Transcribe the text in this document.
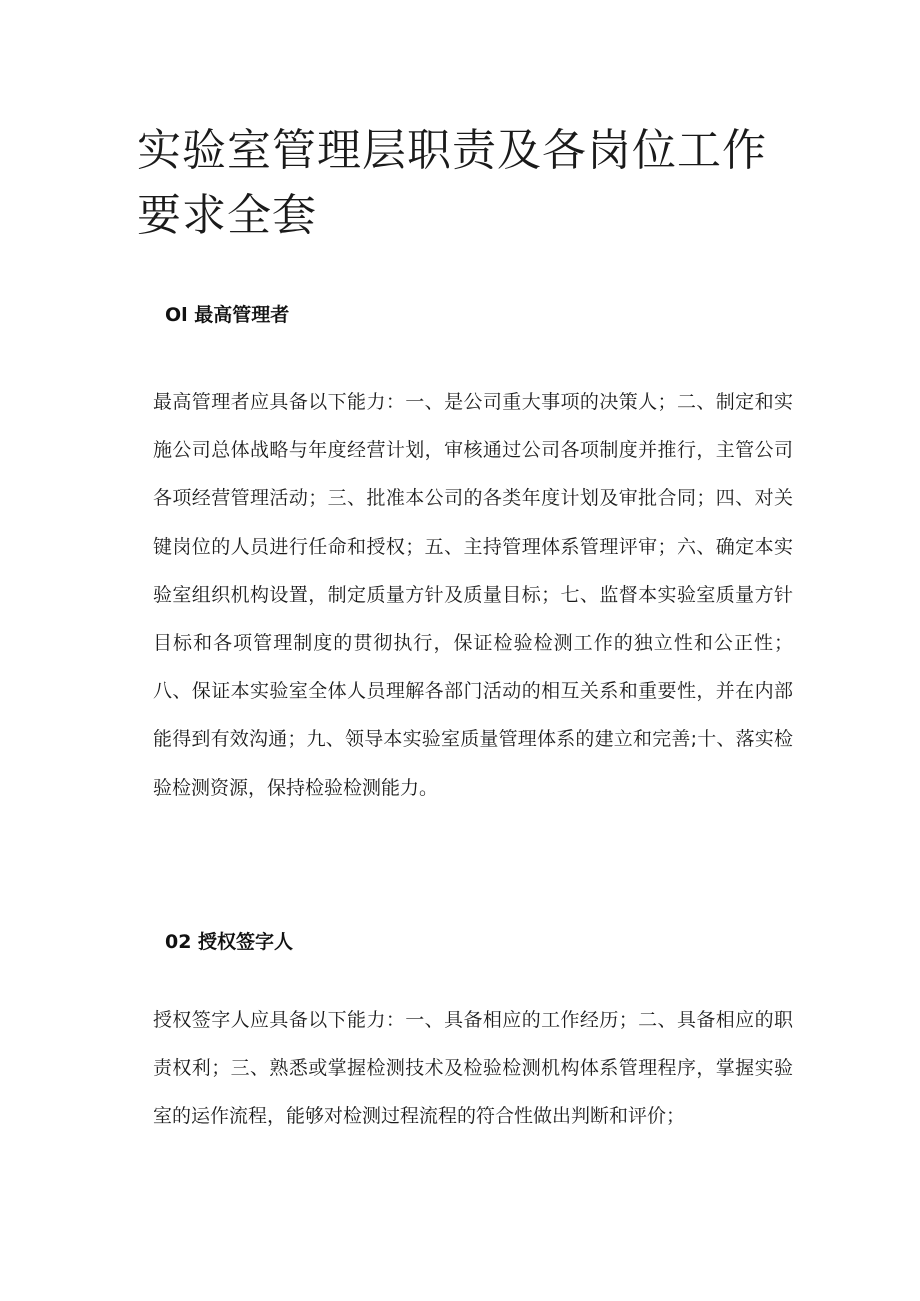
实验室管理层职责及各岗位工作要求全套
Ol 最高管理者

最高管理者应具备以下能力：一、是公司重大事项的决策人；二、制定和实施公司总体战略与年度经营计划，审核通过公司各项制度并推行，主管公司各项经营管理活动；三、批准本公司的各类年度计划及审批合同；四、对关键岗位的人员进行任命和授权；五、主持管理体系管理评审；六、确定本实验室组织机构设置，制定质量方针及质量目标；七、监督本实验室质量方针目标和各项管理制度的贯彻执行，保证检验检测工作的独立性和公正性；八、保证本实验室全体人员理解各部门活动的相互关系和重要性，并在内部能得到有效沟通；九、领导本实验室质量管理体系的建立和完善;十、落实检验检测资源，保持检验检测能力。

02 授权签字人

授权签字人应具备以下能力：一、具备相应的工作经历；二、具备相应的职责权利；三、熟悉或掌握检测技术及检验检测机构体系管理程序，掌握实验室的运作流程，能够对检测过程流程的符合性做出判断和评价；
